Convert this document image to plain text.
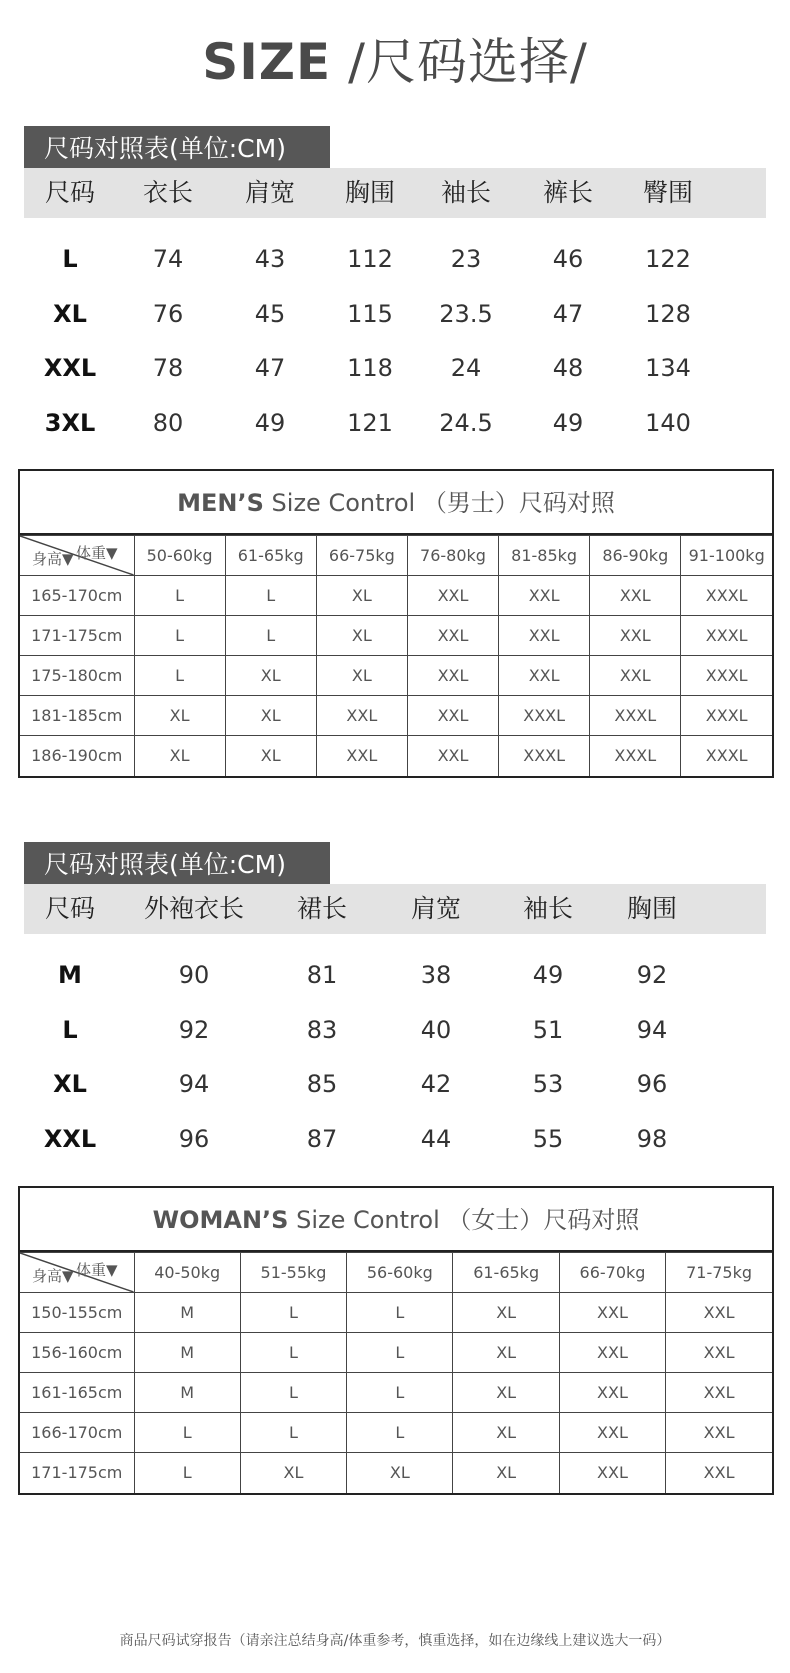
SIZE /尺码选择/
尺码对照表(单位:CM)
尺码	衣长	肩宽	胸围	袖长	裤长	臀围
L	74	43	112	23	46	122
XL	76	45	115	23.5	47	128
XXL	78	47	118	24	48	134
3XL	80	49	121	24.5	49	140
MEN’S Size Control （男士）尺码对照
体重▼
身高▼	50-60kg	61-65kg	66-75kg	76-80kg	81-85kg	86-90kg	91-100kg
165-170cm	L	L	XL	XXL	XXL	XXL	XXXL
171-175cm	L	L	XL	XXL	XXL	XXL	XXXL
175-180cm	L	XL	XL	XXL	XXL	XXL	XXXL
181-185cm	XL	XL	XXL	XXL	XXXL	XXXL	XXXL
186-190cm	XL	XL	XXL	XXL	XXXL	XXXL	XXXL
尺码对照表(单位:CM)
尺码	外袍衣长	裙长	肩宽	袖长	胸围
M	90	81	38	49	92
L	92	83	40	51	94
XL	94	85	42	53	96
XXL	96	87	44	55	98
WOMAN’S Size Control （女士）尺码对照
体重▼
身高▼	40-50kg	51-55kg	56-60kg	61-65kg	66-70kg	71-75kg
150-155cm	M	L	L	XL	XXL	XXL
156-160cm	M	L	L	XL	XXL	XXL
161-165cm	M	L	L	XL	XXL	XXL
166-170cm	L	L	L	XL	XXL	XXL
171-175cm	L	XL	XL	XL	XXL	XXL
商品尺码试穿报告（请亲注总结身高/体重参考，慎重选择，如在边缘线上建议选大一码）
